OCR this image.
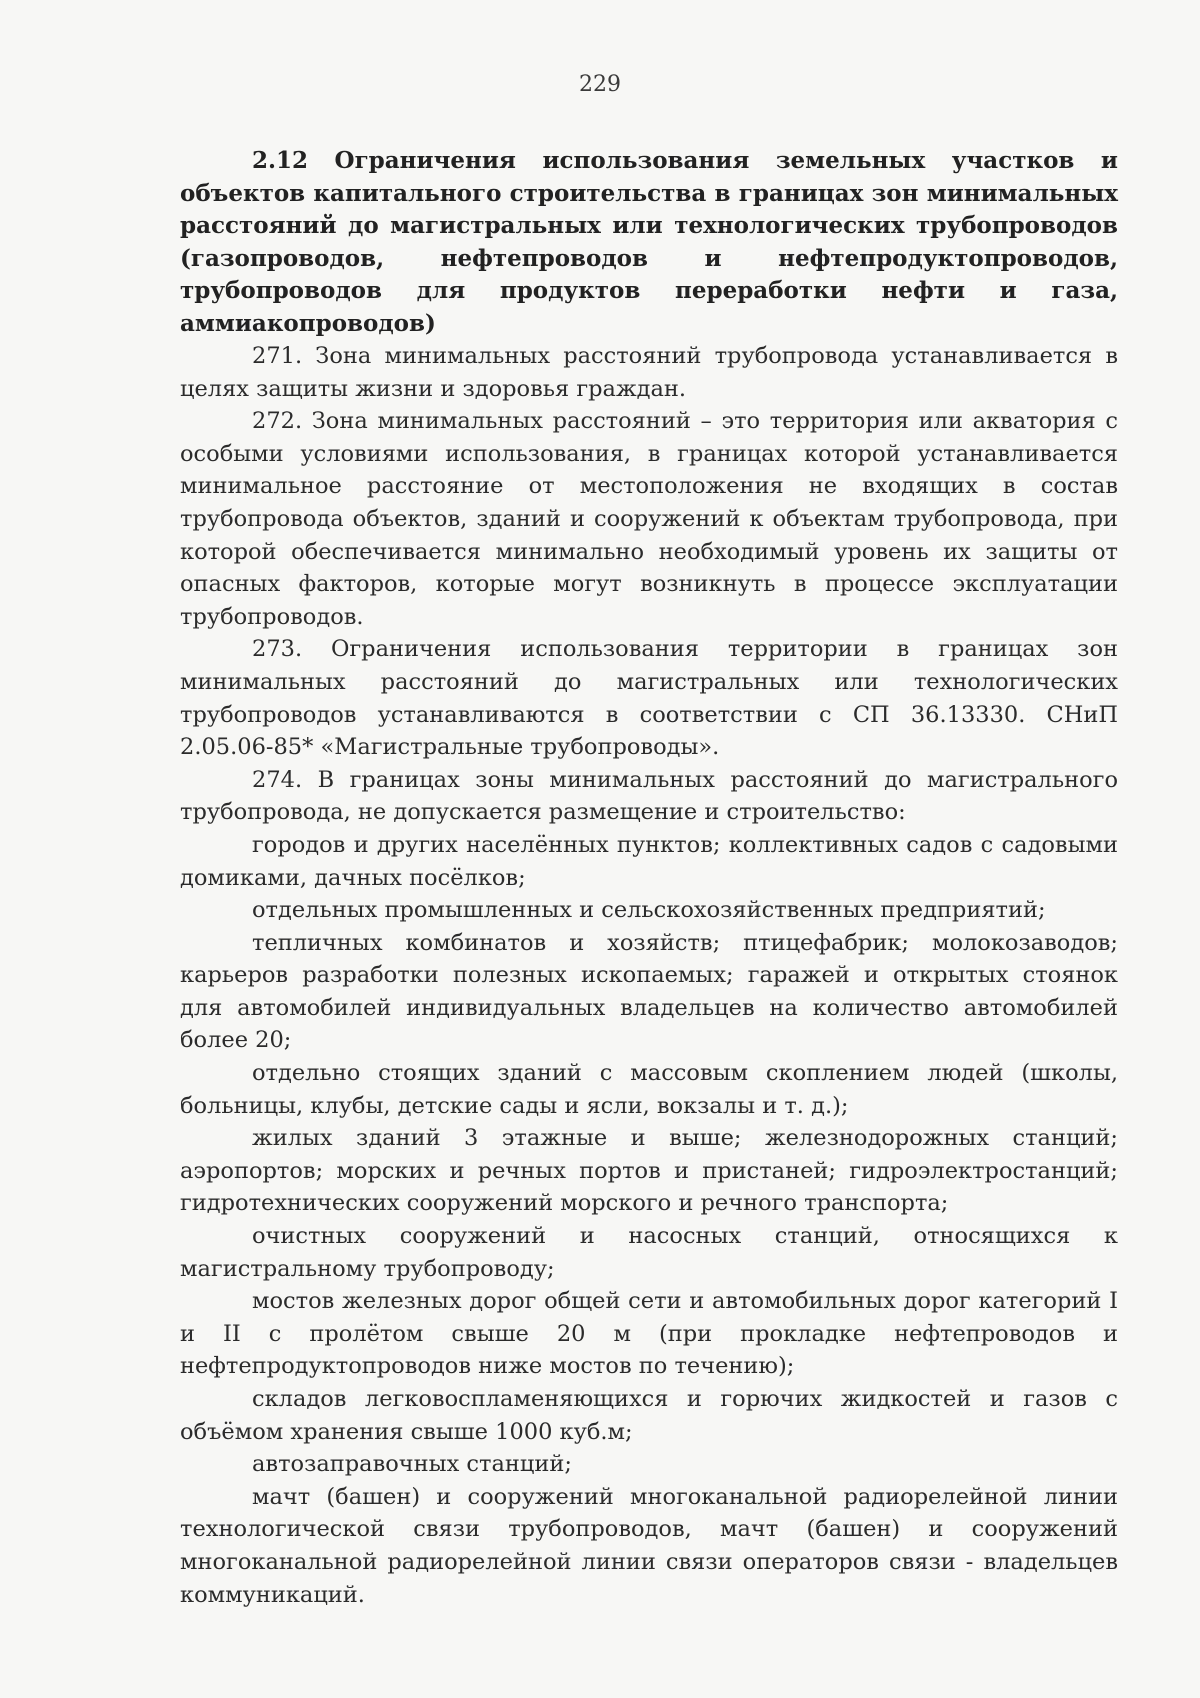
229
2.12 Ограничения использования земельных участков и объектов капитального строительства в границах зон минимальных расстояний до магистральных или технологических трубопроводов (газопроводов, нефтепроводов и нефтепродуктопроводов, трубопроводов для продуктов переработки нефти и газа, аммиакопроводов)

271. Зона минимальных расстояний трубопровода устанавливается в целях защиты жизни и здоровья граждан.

272. Зона минимальных расстояний – это территория или акватория с особыми условиями использования, в границах которой устанавливается минимальное расстояние от местоположения не входящих в состав трубопровода объектов, зданий и сооружений к объектам трубопровода, при которой обеспечивается минимально необходимый уровень их защиты от опасных факторов, которые могут возникнуть в процессе эксплуатации трубопроводов.

273. Ограничения использования территории в границах зон минимальных расстояний до магистральных или технологических трубопроводов устанавливаются в соответствии с СП 36.13330. СНиП 2.05.06-85* «Магистральные трубопроводы».

274. В границах зоны минимальных расстояний до магистрального трубопровода, не допускается размещение и строительство:

городов и других населённых пунктов; коллективных садов с садовыми домиками, дачных посёлков;

отдельных промышленных и сельскохозяйственных предприятий;

тепличных комбинатов и хозяйств; птицефабрик; молокозаводов; карьеров разработки полезных ископаемых; гаражей и открытых стоянок для автомобилей индивидуальных владельцев на количество автомобилей более 20;

отдельно стоящих зданий с массовым скоплением людей (школы, больницы, клубы, детские сады и ясли, вокзалы и т. д.);

жилых зданий 3 этажные и выше; железнодорожных станций; аэропортов; морских и речных портов и пристаней; гидроэлектростанций; гидротехнических сооружений морского и речного транспорта;

очистных сооружений и насосных станций, относящихся к магистральному трубопроводу;

мостов железных дорог общей сети и автомобильных дорог категорий I и II с пролётом свыше 20 м (при прокладке нефтепроводов и нефтепродуктопроводов ниже мостов по течению);

складов легковоспламеняющихся и горючих жидкостей и газов с объёмом хранения свыше 1000 куб.м;

автозаправочных станций;

мачт (башен) и сооружений многоканальной радиорелейной линии технологической связи трубопроводов, мачт (башен) и сооружений многоканальной радиорелейной линии связи операторов связи - владельцев коммуникаций.
